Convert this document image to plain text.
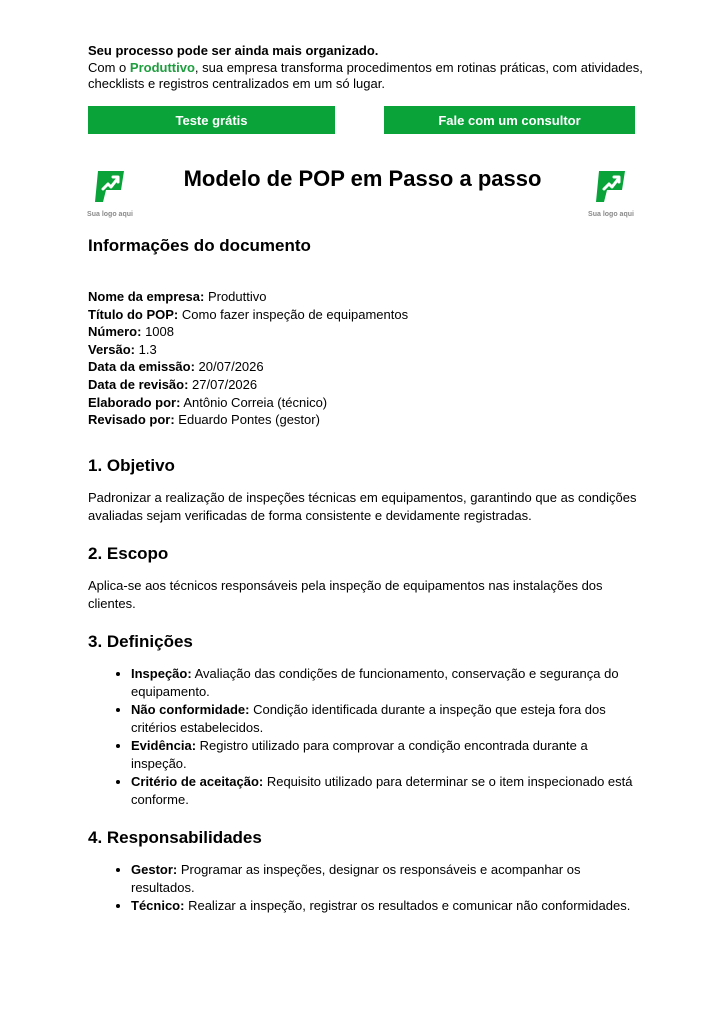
Seu processo pode ser ainda mais organizado.
Com o Produttivo, sua empresa transforma procedimentos em rotinas práticas, com atividades, checklists e registros centralizados em um só lugar.
Teste grátis	Fale com um consultor
Sua logo aqui
Modelo de POP em Passo a passo
Sua logo aqui
Informações do documento
Nome da empresa: Produttivo
Título do POP: Como fazer inspeção de equipamentos
Número: 1008
Versão: 1.3
Data da emissão: 20/07/2026
Data de revisão: 27/07/2026
Elaborado por: Antônio Correia (técnico)
Revisado por: Eduardo Pontes (gestor)
1. Objetivo

Padronizar a realização de inspeções técnicas em equipamentos, garantindo que as condições avaliadas sejam verificadas de forma consistente e devidamente registradas.

2. Escopo

Aplica-se aos técnicos responsáveis pela inspeção de equipamentos nas instalações dos clientes.

3. Definições
• Inspeção: Avaliação das condições de funcionamento, conservação e segurança do equipamento.
• Não conformidade: Condição identificada durante a inspeção que esteja fora dos critérios estabelecidos.
• Evidência: Registro utilizado para comprovar a condição encontrada durante a inspeção.
• Critério de aceitação: Requisito utilizado para determinar se o item inspecionado está conforme.
4. Responsabilidades
• Gestor: Programar as inspeções, designar os responsáveis e acompanhar os resultados.
• Técnico: Realizar a inspeção, registrar os resultados e comunicar não conformidades.
